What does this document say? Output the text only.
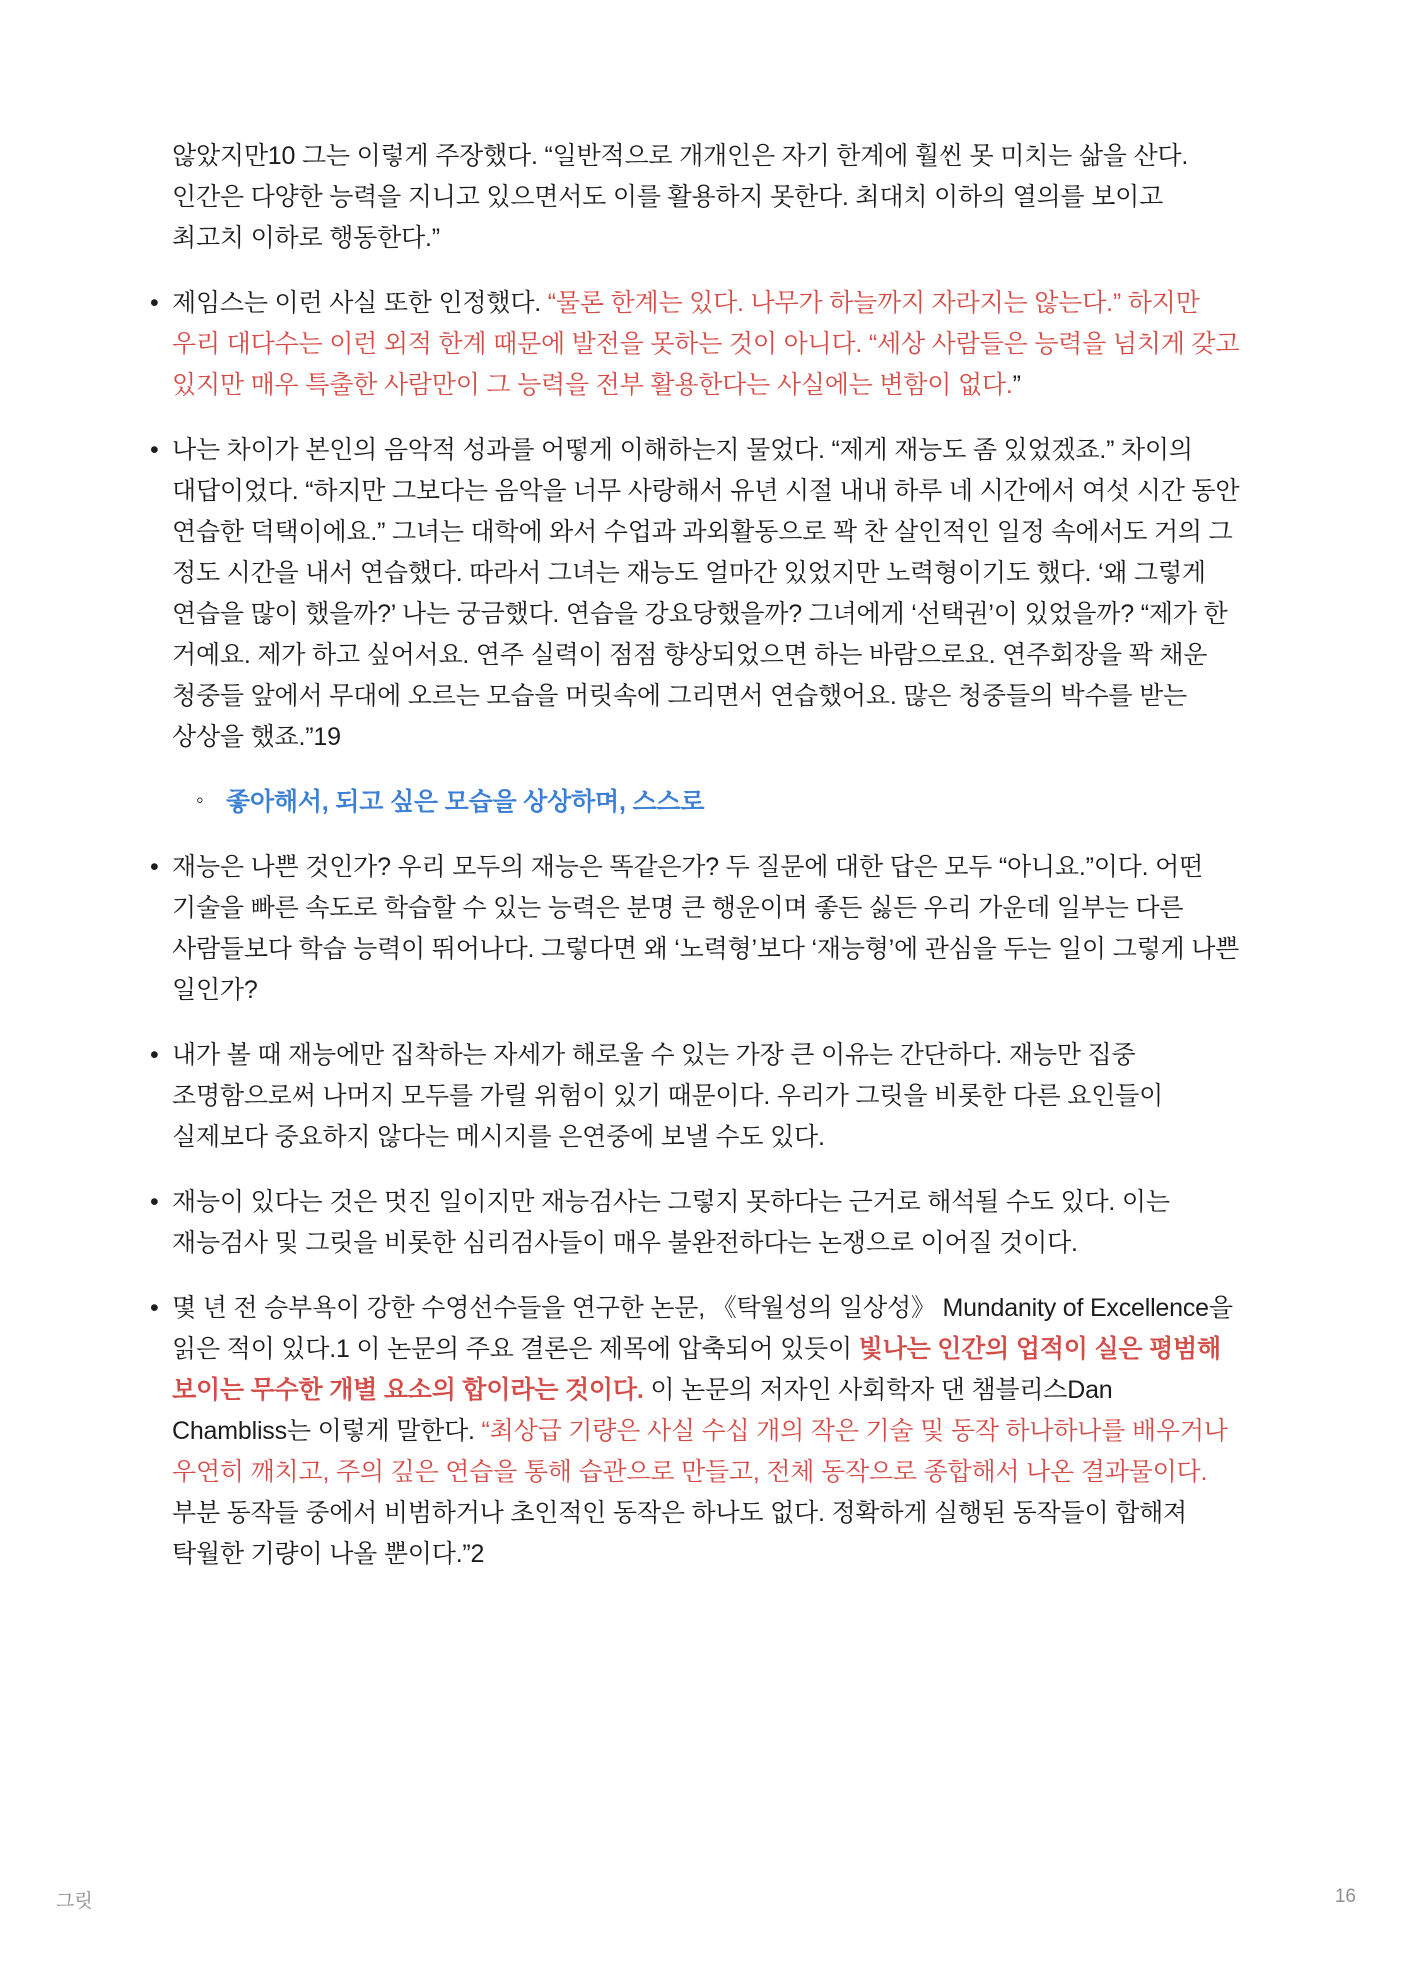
않았지만10 그는 이렇게 주장했다. “일반적으로 개개인은 자기 한계에 훨씬 못 미치는 삶을 산다. 인간은 다양한 능력을 지니고 있으면서도 이를 활용하지 못한다. 최대치 이하의 열의를 보이고 최고치 이하로 행동한다.”

• 제임스는 이런 사실 또한 인정했다. “물론 한계는 있다. 나무가 하늘까지 자라지는 않는다.” 하지만 우리 대다수는 이런 외적 한계 때문에 발전을 못하는 것이 아니다. “세상 사람들은 능력을 넘치게 갖고 있지만 매우 특출한 사람만이 그 능력을 전부 활용한다는 사실에는 변함이 없다.”
• 나는 차이가 본인의 음악적 성과를 어떻게 이해하는지 물었다. “제게 재능도 좀 있었겠죠.” 차이의 대답이었다. “하지만 그보다는 음악을 너무 사랑해서 유년 시절 내내 하루 네 시간에서 여섯 시간 동안 연습한 덕택이에요.” 그녀는 대학에 와서 수업과 과외활동으로 꽉 찬 살인적인 일정 속에서도 거의 그 정도 시간을 내서 연습했다. 따라서 그녀는 재능도 얼마간 있었지만 노력형이기도 했다. ‘왜 그렇게 연습을 많이 했을까?’ 나는 궁금했다. 연습을 강요당했을까? 그녀에게 ‘선택권’이 있었을까? “제가 한 거예요. 제가 하고 싶어서요. 연주 실력이 점점 향상되었으면 하는 바람으로요. 연주회장을 꽉 채운 청중들 앞에서 무대에 오르는 모습을 머릿속에 그리면서 연습했어요. 많은 청중들의 박수를 받는 상상을 했죠.”19
◦ 좋아해서, 되고 싶은 모습을 상상하며, 스스로
• 재능은 나쁜 것인가? 우리 모두의 재능은 똑같은가? 두 질문에 대한 답은 모두 “아니요.”이다. 어떤 기술을 빠른 속도로 학습할 수 있는 능력은 분명 큰 행운이며 좋든 싫든 우리 가운데 일부는 다른 사람들보다 학습 능력이 뛰어나다. 그렇다면 왜 ‘노력형’보다 ‘재능형’에 관심을 두는 일이 그렇게 나쁜 일인가?
• 내가 볼 때 재능에만 집착하는 자세가 해로울 수 있는 가장 큰 이유는 간단하다. 재능만 집중 조명함으로써 나머지 모두를 가릴 위험이 있기 때문이다. 우리가 그릿을 비롯한 다른 요인들이 실제보다 중요하지 않다는 메시지를 은연중에 보낼 수도 있다.
• 재능이 있다는 것은 멋진 일이지만 재능검사는 그렇지 못하다는 근거로 해석될 수도 있다. 이는 재능검사 및 그릿을 비롯한 심리검사들이 매우 불완전하다는 논쟁으로 이어질 것이다.
• 몇 년 전 승부욕이 강한 수영선수들을 연구한 논문, 《탁월성의 일상성》 Mundanity of Excellence을 읽은 적이 있다.1 이 논문의 주요 결론은 제목에 압축되어 있듯이 빛나는 인간의 업적이 실은 평범해 보이는 무수한 개별 요소의 합이라는 것이다. 이 논문의 저자인 사회학자 댄 챔블리스Dan Chambliss는 이렇게 말한다. “최상급 기량은 사실 수십 개의 작은 기술 및 동작 하나하나를 배우거나 우연히 깨치고, 주의 깊은 연습을 통해 습관으로 만들고, 전체 동작으로 종합해서 나온 결과물이다. 부분 동작들 중에서 비범하거나 초인적인 동작은 하나도 없다. 정확하게 실행된 동작들이 합해져 탁월한 기량이 나올 뿐이다.”2
그릿	16
